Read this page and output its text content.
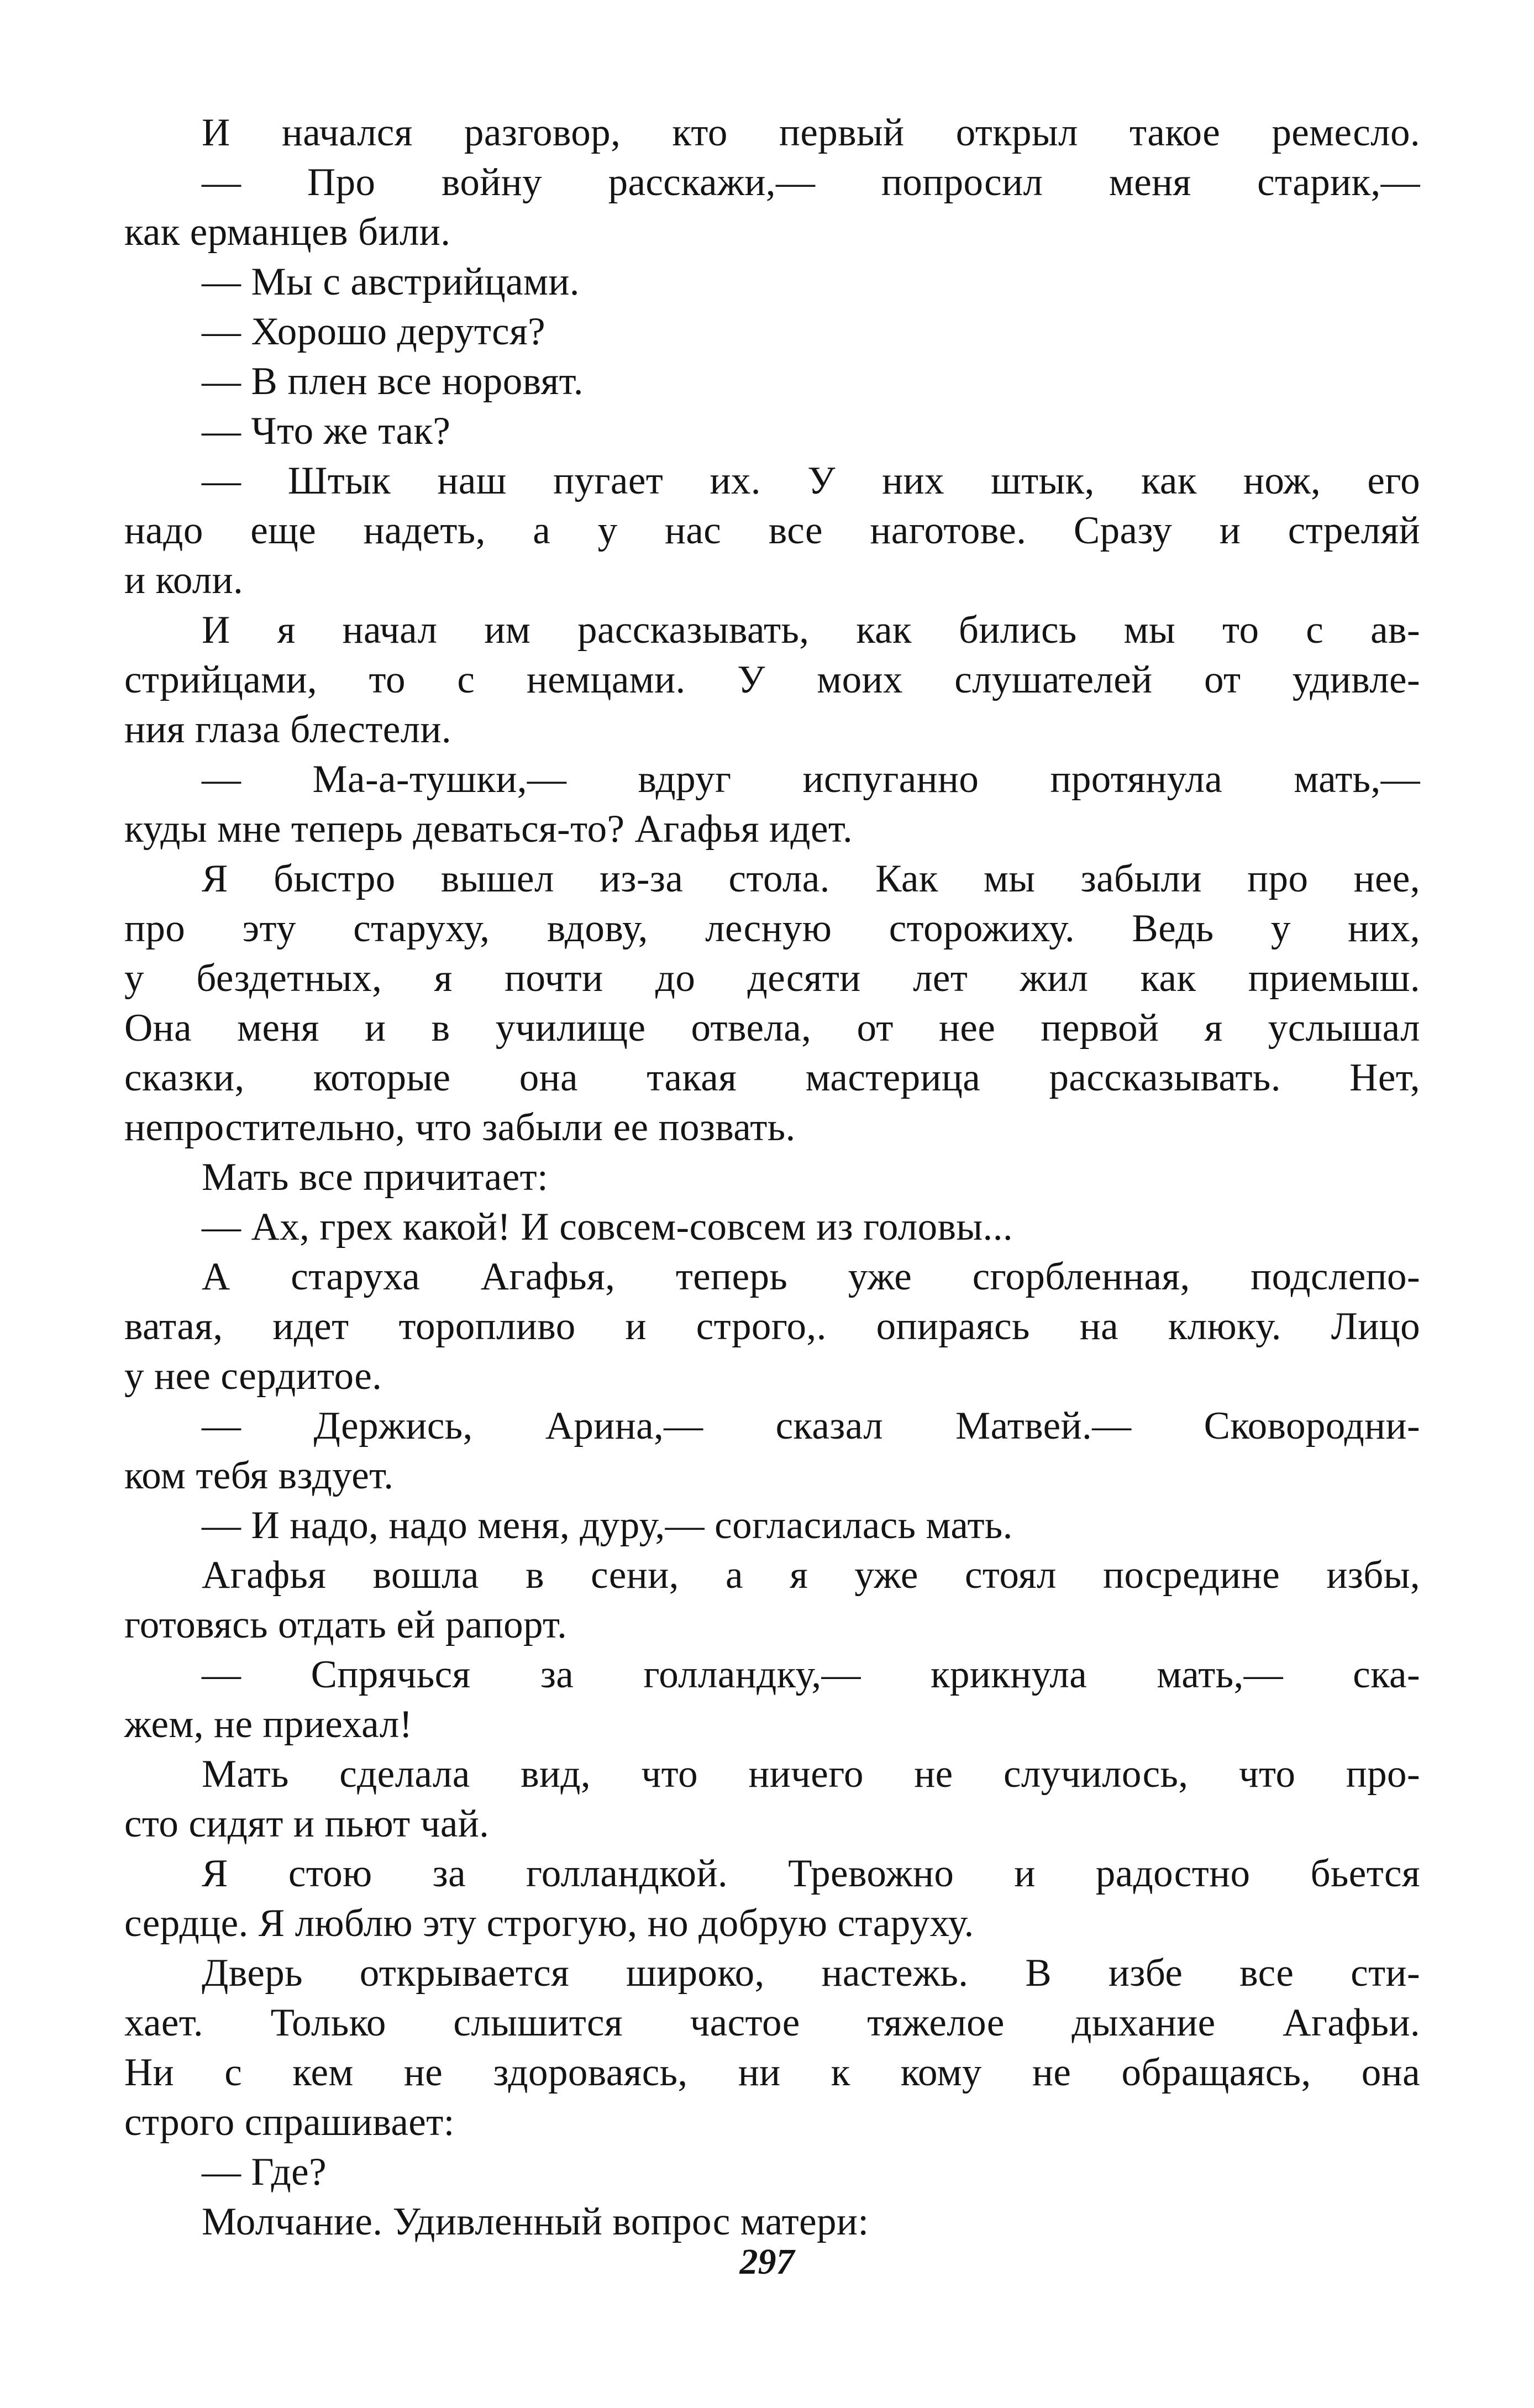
И начался разговор, кто первый открыл такое ремесло.
— Про войну расскажи,— попросил меня старик,—
как ерманцев били.
— Мы с австрийцами.
— Хорошо дерутся?
— В плен все норовят.
— Что же так?
— Штык наш пугает их. У них штык, как нож, его
надо еще надеть, а у нас все наготове. Сразу и стреляй
и коли.
И я начал им рассказывать, как бились мы то с ав-
стрийцами, то с немцами. У моих слушателей от удивле-
ния глаза блестели.
— Ма-а-тушки,— вдруг испуганно протянула мать,—
куды мне теперь деваться-то? Агафья идет.
Я быстро вышел из-за стола. Как мы забыли про нее,
про эту старуху, вдову, лесную сторожиху. Ведь у них,
у бездетных, я почти до десяти лет жил как приемыш.
Она меня и в училище отвела, от нее первой я услышал
сказки, которые она такая мастерица рассказывать. Нет,
непростительно, что забыли ее позвать.
Мать все причитает:
— Ах, грех какой! И совсем-совсем из головы...
А старуха Агафья, теперь уже сгорбленная, подслепо-
ватая, идет торопливо и строго,. опираясь на клюку. Лицо
у нее сердитое.
— Держись, Арина,— сказал Матвей.— Сковородни-
ком тебя вздует.
— И надо, надо меня, дуру,— согласилась мать.
Агафья вошла в сени, а я уже стоял посредине избы,
готовясь отдать ей рапорт.
— Спрячься за голландку,— крикнула мать,— ска-
жем, не приехал!
Мать сделала вид, что ничего не случилось, что про-
сто сидят и пьют чай.
Я стою за голландкой. Тревожно и радостно бьется
сердце. Я люблю эту строгую, но добрую старуху.
Дверь открывается широко, настежь. В избе все сти-
хает. Только слышится частое тяжелое дыхание Агафьи.
Ни с кем не здороваясь, ни к кому не обращаясь, она
строго спрашивает:
— Где?
Молчание. Удивленный вопрос матери:
297
